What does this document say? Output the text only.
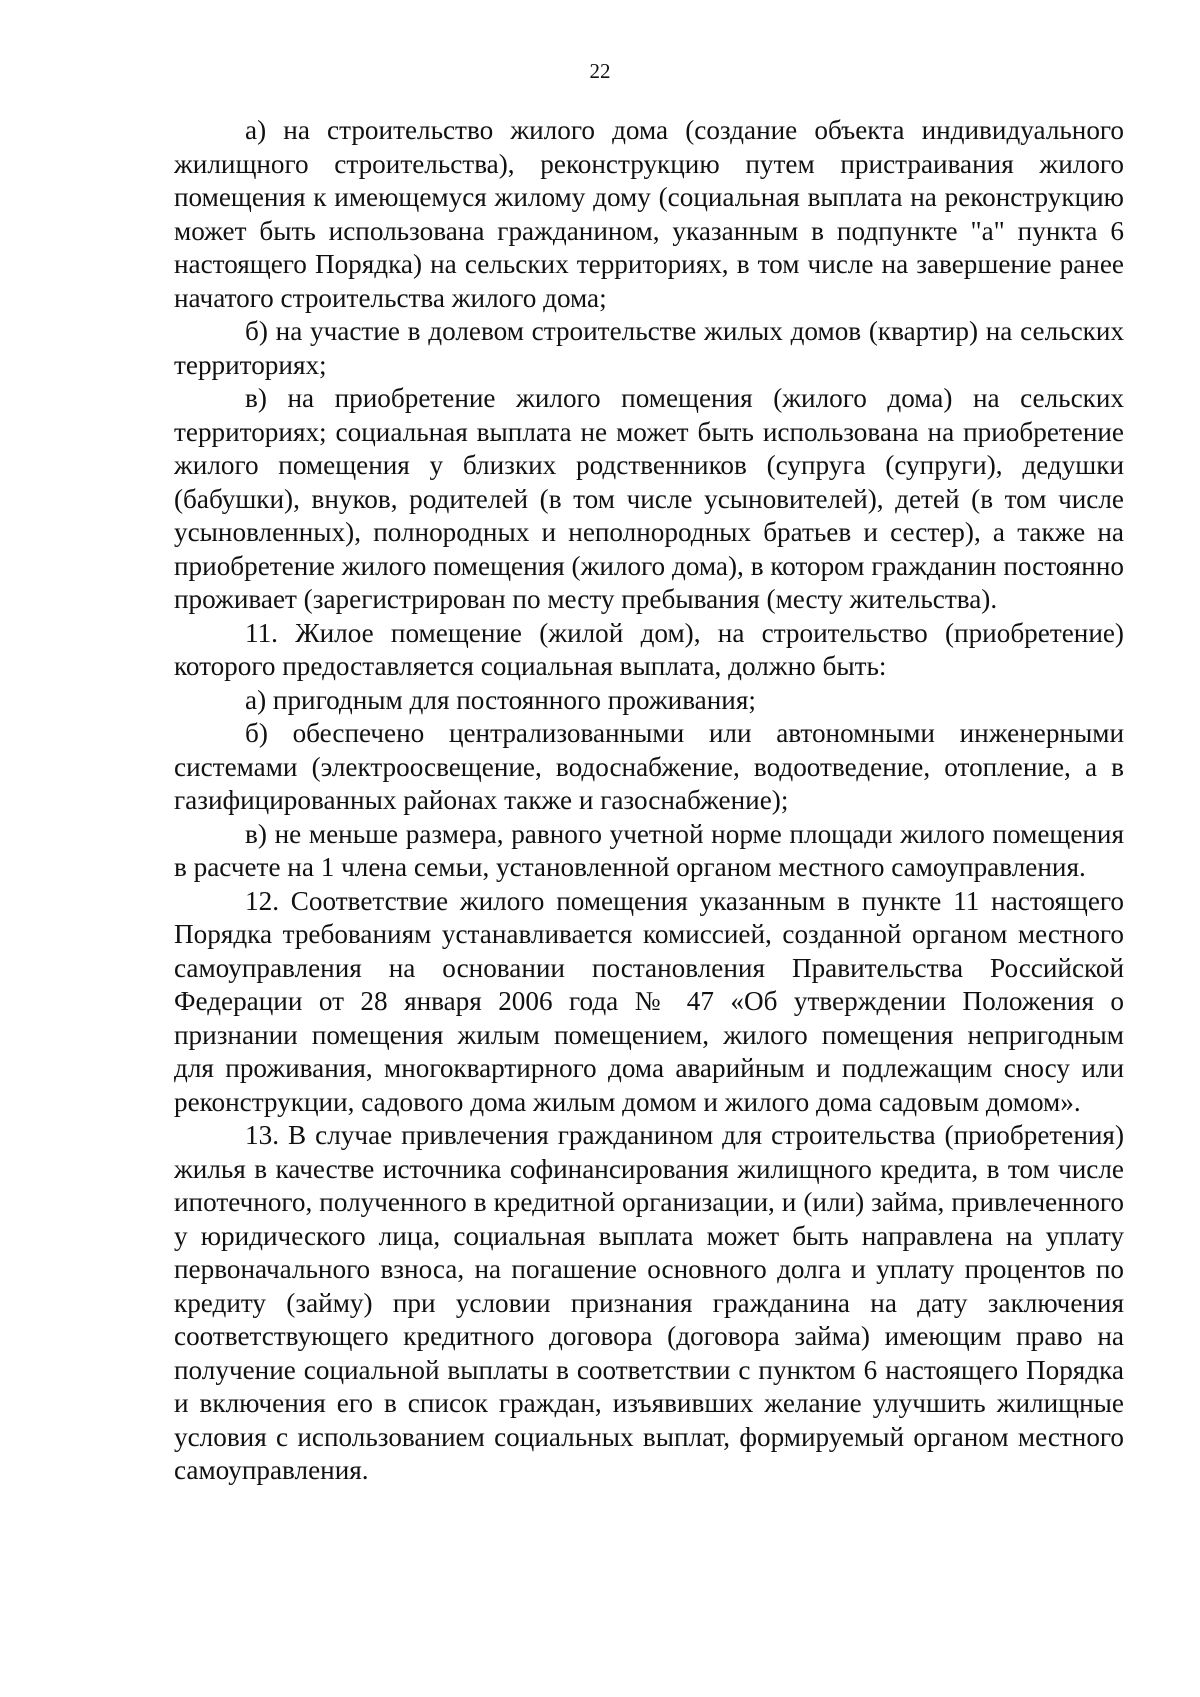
22

а) на строительство жилого дома (создание объекта индивидуального жилищного строительства), реконструкцию путем пристраивания жилого помещения к имеющемуся жилому дому (социальная выплата на реконструкцию может быть использована гражданином, указанным в подпункте "а" пункта 6 настоящего Порядка) на сельских территориях, в том числе на завершение ранее начатого строительства жилого дома;

б) на участие в долевом строительстве жилых домов (квартир) на сельских территориях;

в) на приобретение жилого помещения (жилого дома) на сельских территориях; социальная выплата не может быть использована на приобретение жилого помещения у близких родственников (супруга (супруги), дедушки (бабушки), внуков, родителей (в том числе усыновителей), детей (в том числе усыновленных), полнородных и неполнородных братьев и сестер), а также на приобретение жилого помещения (жилого дома), в котором гражданин постоянно проживает (зарегистрирован по месту пребывания (месту жительства).

11. Жилое помещение (жилой дом), на строительство (приобретение) которого предоставляется социальная выплата, должно быть:

а) пригодным для постоянного проживания;

б) обеспечено централизованными или автономными инженерными системами (электроосвещение, водоснабжение, водоотведение, отопление, а в газифицированных районах также и газоснабжение);

в) не меньше размера, равного учетной норме площади жилого помещения в расчете на 1 члена семьи, установленной органом местного самоуправления.

12. Соответствие жилого помещения указанным в пункте 11 настоящего Порядка требованиям устанавливается комиссией, созданной органом местного самоуправления на основании постановления Правительства Российской Федерации от 28 января 2006 года № 47 «Об утверждении Положения о признании помещения жилым помещением, жилого помещения непригодным для проживания, многоквартирного дома аварийным и подлежащим сносу или реконструкции, садового дома жилым домом и жилого дома садовым домом».

13. В случае привлечения гражданином для строительства (приобретения) жилья в качестве источника софинансирования жилищного кредита, в том числе ипотечного, полученного в кредитной организации, и (или) займа, привлеченного у юридического лица, социальная выплата может быть направлена на уплату первоначального взноса, на погашение основного долга и уплату процентов по кредиту (займу) при условии признания гражданина на дату заключения соответствующего кредитного договора (договора займа) имеющим право на получение социальной выплаты в соответствии с пунктом 6 настоящего Порядка и включения его в список граждан, изъявивших желание улучшить жилищные условия с использованием социальных выплат, формируемый органом местного самоуправления.
